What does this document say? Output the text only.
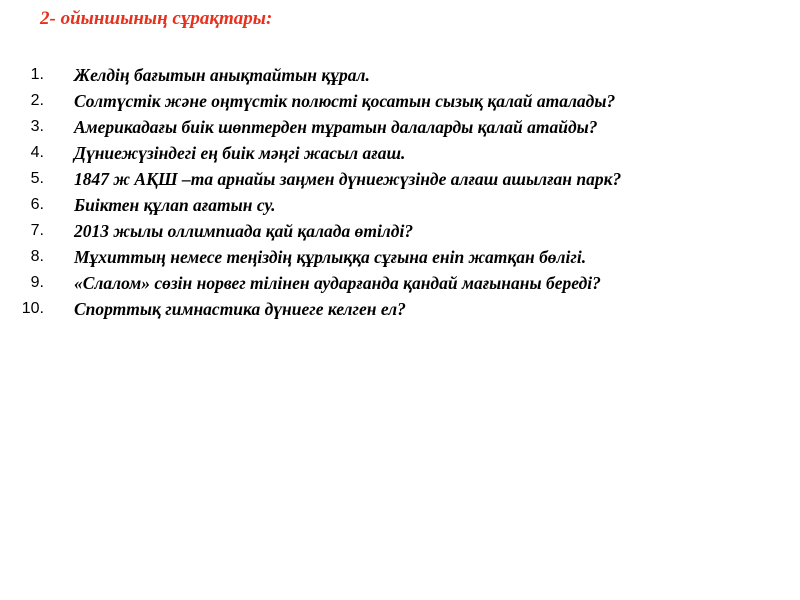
2- ойыншының сұрақтары:
1. Желдің бағытын анықтайтын құрал.
2. Солтүстік және оңтүстік полюсті қосатын сызық қалай аталады?
3. Америкадағы биік шөптерден тұратын далаларды қалай атайды?
4. Дүниежүзіндегі ең биік мәңгі жасыл ағаш.
5. 1847 ж АҚШ –та арнайы заңмен дүниежүзінде алғаш ашылған парк?
6. Биіктен құлап ағатын су.
7. 2013 жылы оллимпиада қай қалада өтілді?
8. Мұхиттың немесе теңіздің құрлыққа сұғына еніп жатқан бөлігі.
9. «Слалом» сөзін норвег тілінен аударғанда қандай мағынаны береді?
10. Спорттық гимнастика дүниеге келген ел?
